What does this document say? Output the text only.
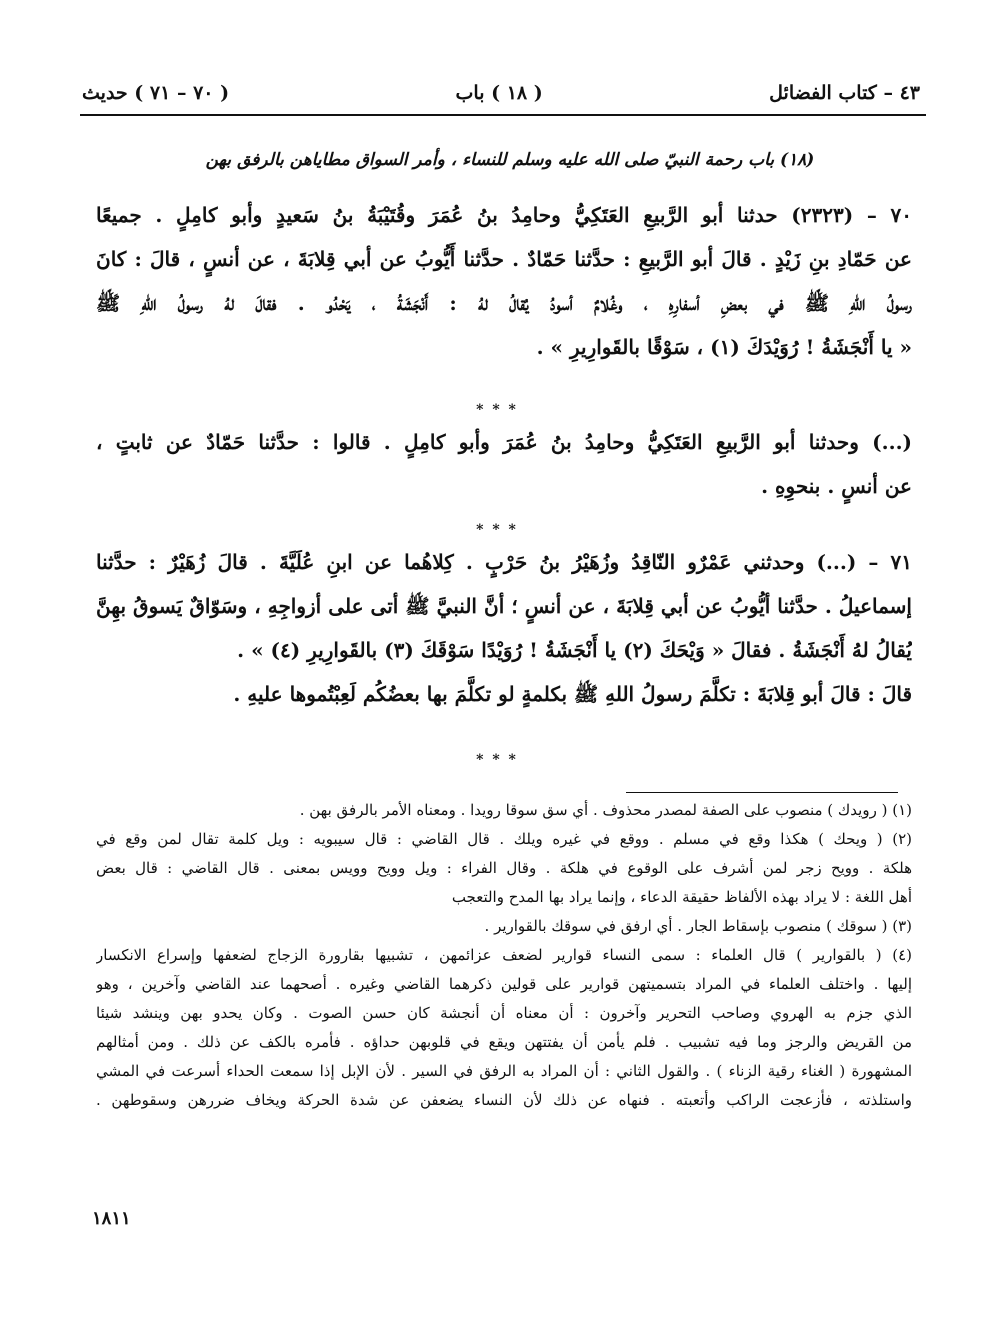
٤٣ – كتاب الفضائل
( ١٨ ) باب
( ٧٠ – ٧١ ) حديث
(١٨) باب رحمة النبيّ صلى الله عليه وسلم للنساء ، وأمر السواق مطاياهن بالرفق بهن
٧٠ – (٢٣٢٣) حدثنا أبو الرَّبيعِ العَتَكِيُّ وحامِدُ بنُ عُمَرَ وقُتَيْبَةُ بنُ سَعيدٍ وأبو كامِلٍ . جميعًا
عن حَمّادِ بنِ زَيْدٍ . قالَ أبو الرَّبيعِ : حدَّثنا حَمّادٌ . حدَّثنا أَيُّوبُ عن أبي قِلابَةَ ، عن أنسٍ ، قالَ : كانَ
رسولُ اللهِ ﷺ في بعضِ أسفارِهِ ، وغُلامٌ أسودُ يُقالُ لهُ : أَنْجَشَةُ ، يَحْدُو . فقالَ لهُ رسولُ اللهِ ﷺ
« يا أَنْجَشَةُ ! رُوَيْدَكَ (١) ، سَوْقًا بالقَوارِيرِ » .
* * *
(...) وحدثنا أبو الرَّبيعِ العَتَكِيُّ وحامِدُ بنُ عُمَرَ وأبو كامِلٍ . قالوا : حدَّثنا حَمّادٌ عن ثابتٍ ،
عن أنسٍ . بنحوِهِ .
* * *
٧١ – (...) وحدثني عَمْرٌو النّاقِدُ وزُهَيْرُ بنُ حَرْبٍ . كِلاهُما عن ابنِ عُلَيَّةَ . قالَ زُهَيْرٌ : حدَّثنا
إسماعيلُ . حدَّثنا أيُّوبُ عن أبي قِلابَةَ ، عن أنسٍ ؛ أنَّ النبيَّ ﷺ أتى على أزواجِهِ ، وسَوّاقٌ يَسوقُ بهِنَّ
يُقالُ لهُ أَنْجَشَةُ . فقالَ « وَيْحَكَ (٢) يا أَنْجَشَةُ ! رُوَيْدًا سَوْقَكَ (٣) بالقَوارِيرِ (٤) » .
قالَ : قالَ أبو قِلابَةَ : تكلَّمَ رسولُ اللهِ ﷺ بكلمةٍ لو تكلَّمَ بها بعضُكُم لَعِبْتُموها عليهِ .
* * *
(١) ( رويدك ) منصوب على الصفة لمصدر محذوف . أي سق سوقا رويدا . ومعناه الأمر بالرفق بهن .
(٢) ( ويحك ) هكذا وقع في مسلم . ووقع في غيره ويلك . قال القاضي : قال سيبويه : ويل كلمة تقال لمن وقع في
هلكة . وويح زجر لمن أشرف على الوقوع في هلكة . وقال الفراء : ويل وويح وويس بمعنى . قال القاضي : قال بعض
أهل اللغة : لا يراد بهذه الألفاظ حقيقة الدعاء ، وإنما يراد بها المدح والتعجب
(٣) ( سوقك ) منصوب بإسقاط الجار . أي ارفق في سوقك بالقوارير .
(٤) ( بالقوارير ) قال العلماء : سمى النساء قوارير لضعف عزائمهن ، تشبيها بقارورة الزجاج لضعفها وإسراع الانكسار
إليها . واختلف العلماء في المراد بتسميتهن قوارير على قولين ذكرهما القاضي وغيره . أصحهما عند القاضي وآخرين ، وهو
الذي جزم به الهروي وصاحب التحرير وآخرون : أن معناه أن أنجشة كان حسن الصوت . وكان يحدو بهن وينشد شيئا
من القريض والرجز وما فيه تشبيب . فلم يأمن أن يفتتهن ويقع في قلوبهن حداؤه . فأمره بالكف عن ذلك . ومن أمثالهم
المشهورة ( الغناء رقية الزناء ) . والقول الثاني : أن المراد به الرفق في السير . لأن الإبل إذا سمعت الحداء أسرعت في المشي
واستلذته ، فأزعجت الراكب وأتعبته . فنهاه عن ذلك لأن النساء يضعفن عن شدة الحركة ويخاف ضررهن وسقوطهن .
١٨١١
